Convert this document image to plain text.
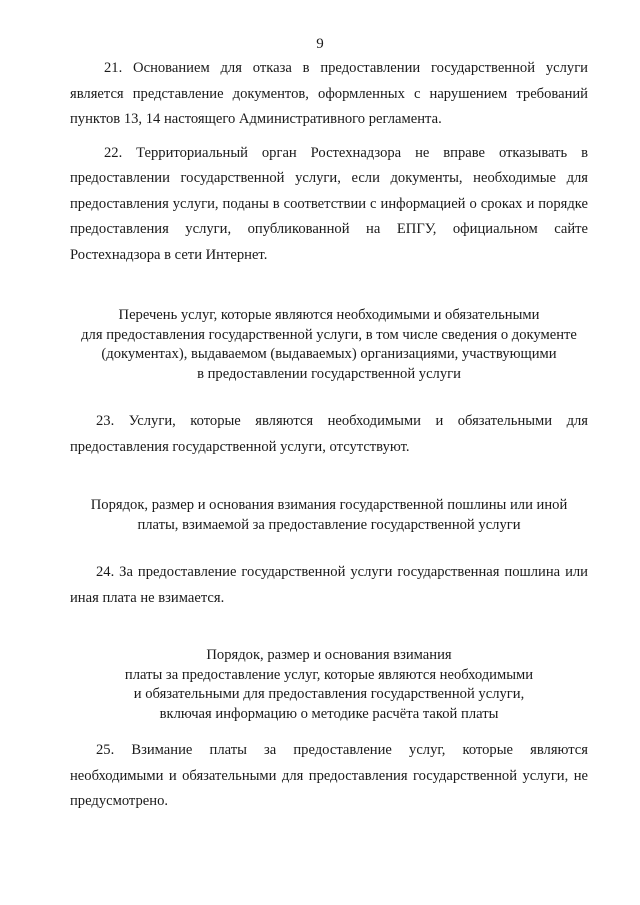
9

21. Основанием для отказа в предоставлении государственной услуги является представление документов, оформленных с нарушением требований пунктов 13, 14 настоящего Административного регламента.

22. Территориальный орган Ростехнадзора не вправе отказывать в предоставлении государственной услуги, если документы, необходимые для предоставления услуги, поданы в соответствии с информацией о сроках и порядке предоставления услуги, опубликованной на ЕПГУ, официальном сайте Ростехнадзора в сети Интернет.

Перечень услуг, которые являются необходимыми и обязательными
для предоставления государственной услуги, в том числе сведения о документе
(документах), выдаваемом (выдаваемых) организациями, участвующими
в предоставлении государственной услуги

23. Услуги, которые являются необходимыми и обязательными для предоставления государственной услуги, отсутствуют.

Порядок, размер и основания взимания государственной пошлины или иной
платы, взимаемой за предоставление государственной услуги

24. За предоставление государственной услуги государственная пошлина или иная плата не взимается.

Порядок, размер и основания взимания
платы за предоставление услуг, которые являются необходимыми
и обязательными для предоставления государственной услуги,
включая информацию о методике расчёта такой платы

25. Взимание платы за предоставление услуг, которые являются необходимыми и обязательными для предоставления государственной услуги, не предусмотрено.
